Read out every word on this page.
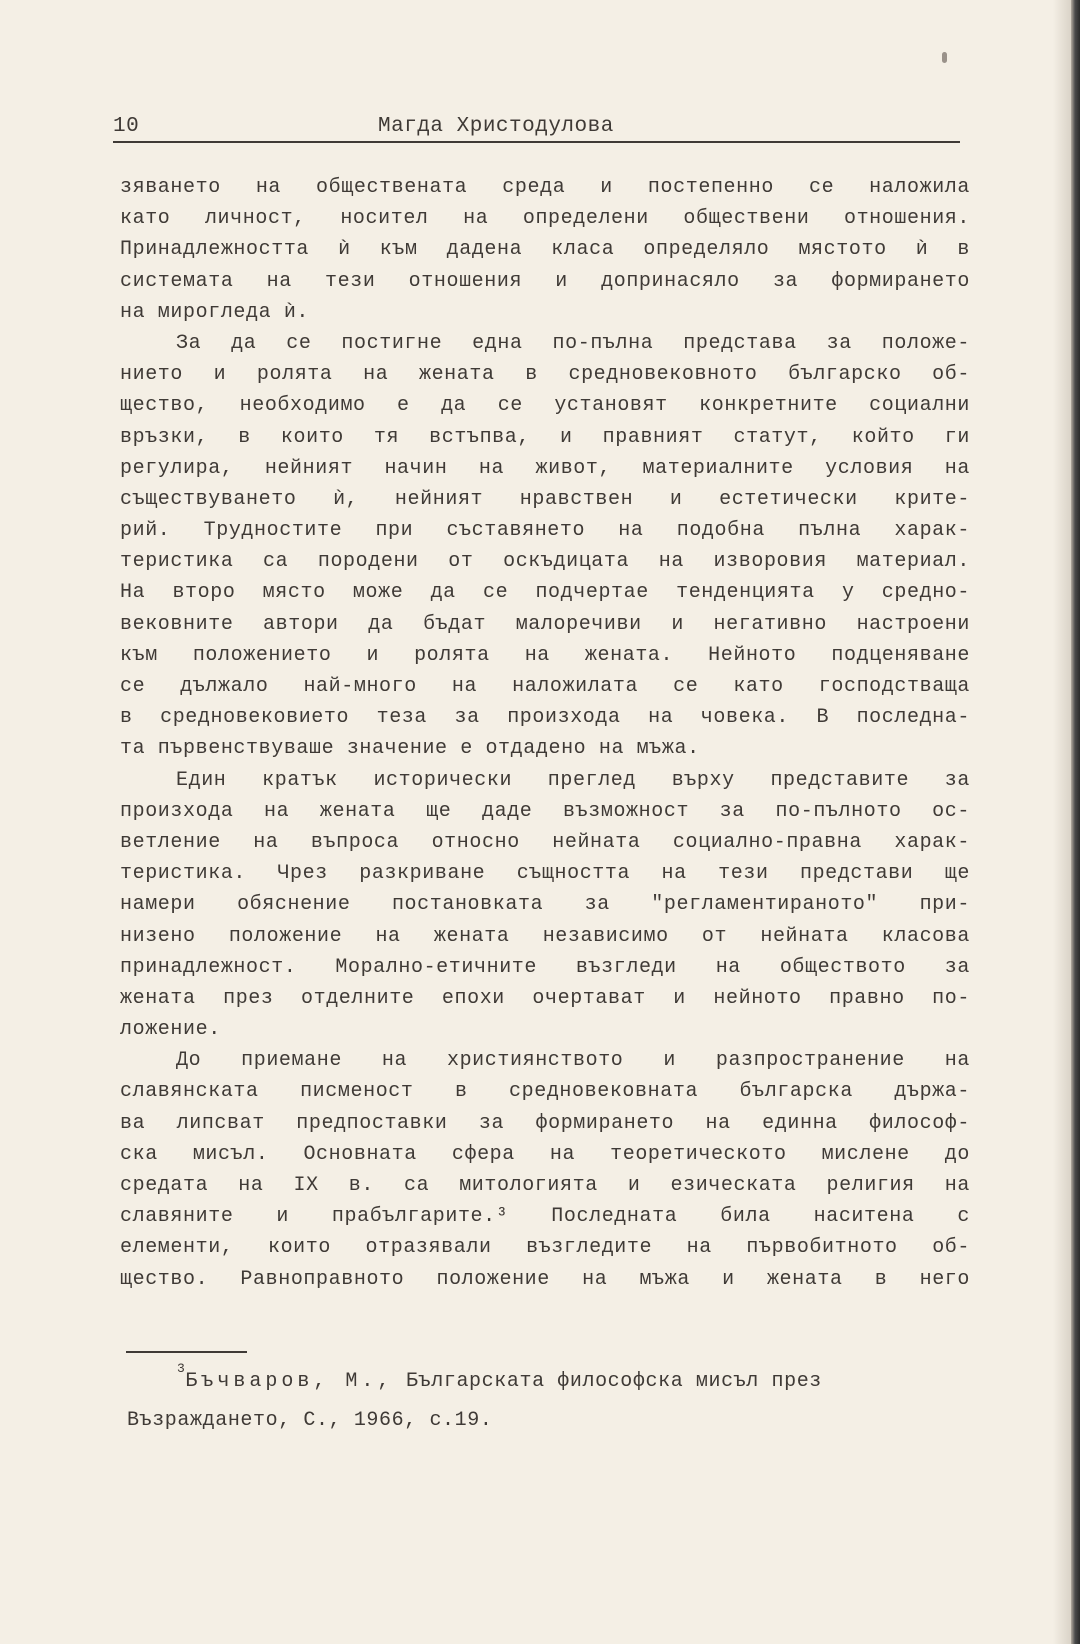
10	Магда Христодулова
зяването на обществената среда и постепенно се наложила
като личност, носител на определени обществени отношения.
Принадлежността ѝ към дадена класа определяло мястото ѝ в
системата на тези отношения и допринасяло за формирането
на мирогледа ѝ.
За да се постигне една по-пълна представа за положе-
нието и ролята на жената в средновековното българско об-
щество, необходимо е да се установят конкретните социални
връзки, в които тя встъпва, и правният статут, който ги
регулира, нейният начин на живот, материалните условия на
съществуването ѝ, нейният нравствен и естетически крите-
рий. Трудностите при съставянето на подобна пълна харак-
теристика са породени от оскъдицата на изворовия материал.
На второ място може да се подчертае тенденцията у средно-
вековните автори да бъдат малоречиви и негативно настроени
към положението и ролята на жената. Нейното подценяване
се дължало най-много на наложилата се като господстваща
в средновековието теза за произхода на човека. В последна-
та първенствуваше значение е отдадено на мъжа.
Един кратък исторически преглед върху представите за
произхода на жената ще даде възможност за по-пълното ос-
ветление на въпроса относно нейната социално-правна харак-
теристика. Чрез разкриване същността на тези представи ще
намери обяснение постановката за "регламентираното" при-
низено положение на жената независимо от нейната класова
принадлежност. Морално-етичните възгледи на обществото за
жената през отделните епохи очертават и нейното правно по-
ложение.
До приемане на християнството и разпространение на
славянската писменост в средновековната българска държа-
ва липсват предпоставки за формирането на единна философ-
ска мисъл. Основната сфера на теоретическото мислене до
средата на IX в. са митологията и езическата религия на
славяните и прабългарите.³ Последната била наситена с
елементи, които отразявали възгледите на първобитното об-
щество. Равноправното положение на мъжа и жената в него
$^3$Бъчваров, М., Българската философска мисъл през
Възраждането, С., 1966, с.19.
